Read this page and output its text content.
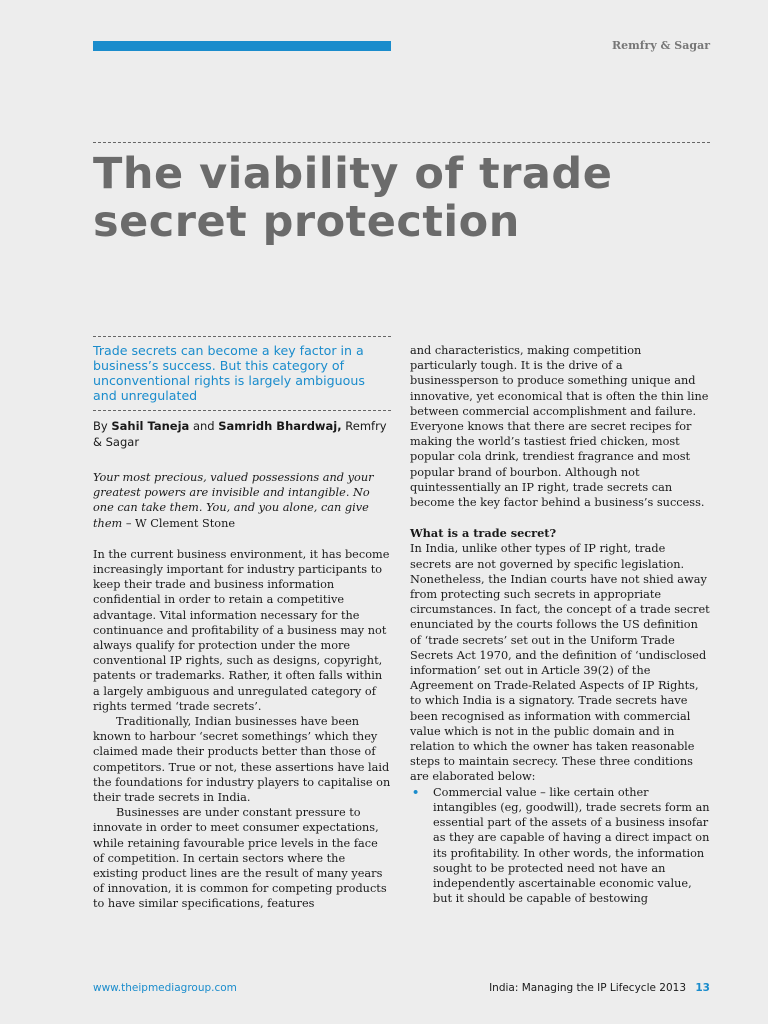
Remfry & Sagar
The viability of trade secret protection
Trade secrets can become a key factor in a business’s success. But this category of unconventional rights is largely ambiguous and unregulated
By Sahil Taneja and Samridh Bhardwaj, Remfry & Sagar

Your most precious, valued possessions and your greatest powers are invisible and intangible. No one can take them. You, and you alone, can give them – W Clement Stone

In the current business environment, it has become increasingly important for industry participants to keep their trade and business information confidential in order to retain a competitive advantage. Vital information necessary for the continuance and profitability of a business may not always qualify for protection under the more conventional IP rights, such as designs, copyright, patents or trademarks. Rather, it often falls within a largely ambiguous and unregulated category of rights termed ‘trade secrets’.

Traditionally, Indian businesses have been known to harbour ‘secret somethings’ which they claimed made their products better than those of competitors. True or not, these assertions have laid the foundations for industry players to capitalise on their trade secrets in India.

Businesses are under constant pressure to innovate in order to meet consumer expectations, while retaining favourable price levels in the face of competition. In certain sectors where the existing product lines are the result of many years of innovation, it is common for competing products to have similar specifications, features

and characteristics, making competition particularly tough. It is the drive of a businessperson to produce something unique and innovative, yet economical that is often the thin line between commercial accomplishment and failure. Everyone knows that there are secret recipes for making the world’s tastiest fried chicken, most popular cola drink, trendiest fragrance and most popular brand of bourbon. Although not quintessentially an IP right, trade secrets can become the key factor behind a business’s success.

What is a trade secret?

In India, unlike other types of IP right, trade secrets are not governed by specific legislation. Nonetheless, the Indian courts have not shied away from protecting such secrets in appropriate circumstances. In fact, the concept of a trade secret enunciated by the courts follows the US definition of ‘trade secrets’ set out in the Uniform Trade Secrets Act 1970, and the definition of ‘undisclosed information’ set out in Article 39(2) of the Agreement on Trade-Related Aspects of IP Rights, to which India is a signatory. Trade secrets have been recognised as information with commercial value which is not in the public domain and in relation to which the owner has taken reasonable steps to maintain secrecy. These three conditions are elaborated below:

• Commercial value – like certain other intangibles (eg, goodwill), trade secrets form an essential part of the assets of a business insofar as they are capable of having a direct impact on its profitability. In other words, the information sought to be protected need not have an independently ascertainable economic value, but it should be capable of bestowing
www.theipmediagroup.com	India: Managing the IP Lifecycle 2013 13
